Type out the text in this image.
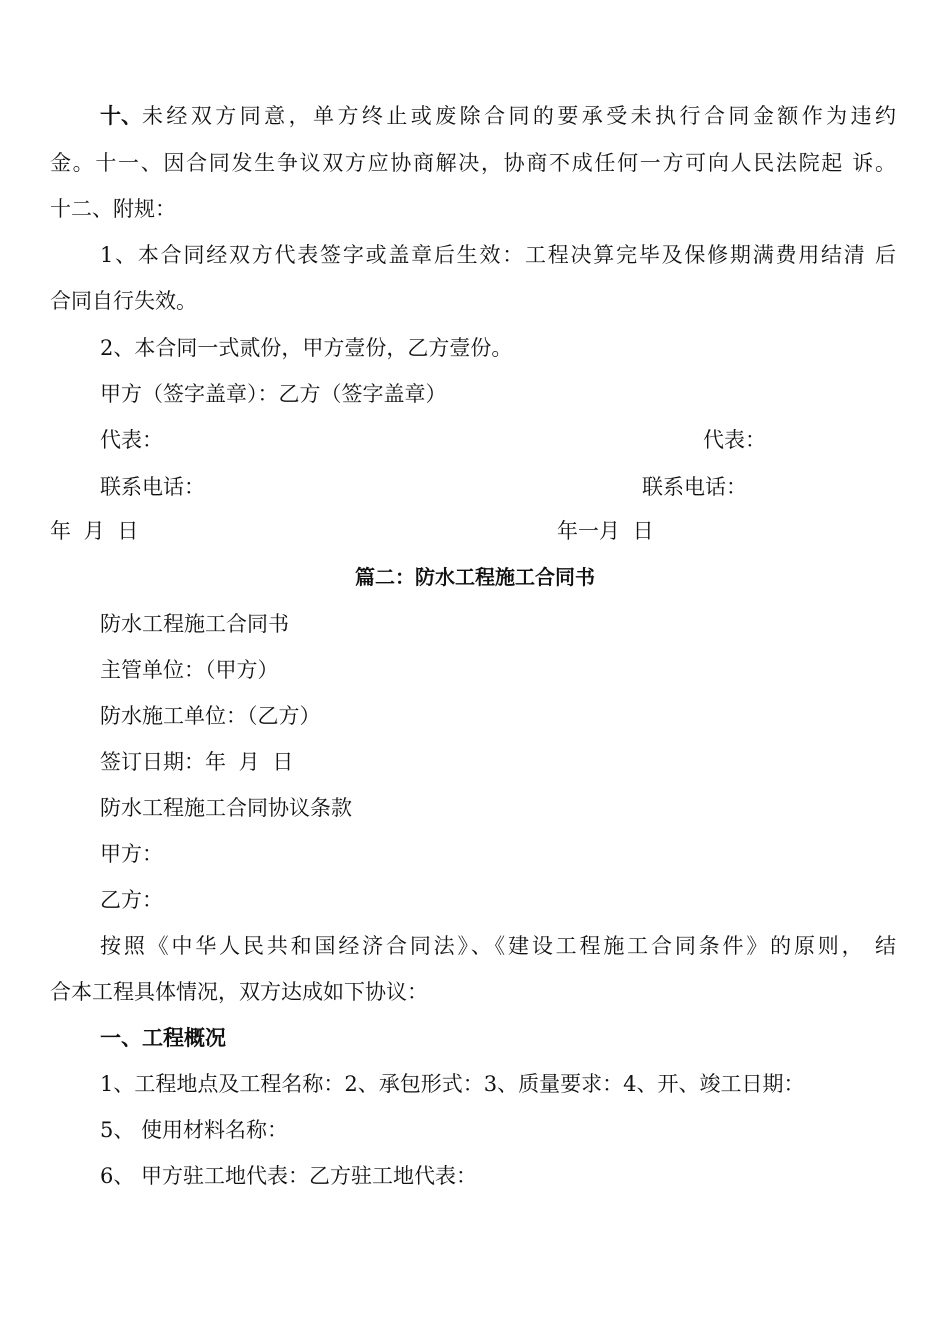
十、 未经双方同意，单方终止或废除合同的要承受未执行合同金额作为违约
金。十一、因合同发生争议双方应协商解决，协商不成任何一方可向人民法院起 诉。
十二、附规：
1、本合同经双方代表签字或盖章后生效：工程决算完毕及保修期满费用结清 后
合同自行失效。
2、本合同一式贰份，甲方壹份，乙方壹份。
甲方（签字盖章）：乙方（签字盖章）
代表：	代表：
联系电话：	联系电话：
年 月 日	年一月 日
篇二：防水工程施工合同书
防水工程施工合同书
主管单位：（甲方）
防水施工单位：（乙方）
签订日期：年 月 日
防水工程施工合同协议条款
甲方：
乙方：
按照《中华人民共和国经济合同法》、《建设工程施工合同条件》的原则， 结
合本工程具体情况，双方达成如下协议：
一、工程概况
1、工程地点及工程名称：2、承包形式：3、质量要求：4、开、竣工日期：
5、 使用材料名称：
6、 甲方驻工地代表：乙方驻工地代表：
